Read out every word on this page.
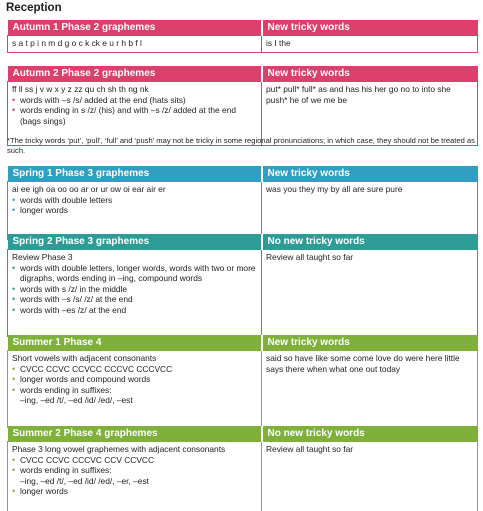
Reception
Autumn 1 Phase 2 graphemes	New tricky words

s a t p i n m d g o c k ck e u r h b f l	is I the
Autumn 2 Phase 2 graphemes	New tricky words

ff ll ss j v w x y z zz qu ch sh th ng nk
• words with –s /s/ added at the end (hats sits)
• words ending in s /z/ (his) and with –s /z/ added at the end (bags sings)	put* pull* full* as and has his her go no to into she push* he of we me be
*The tricky words ‘put’, ‘pull’, ‘full’ and ‘push’ may not be tricky in some regional pronunciations; in which case, they should not be treated as such.
Spring 1 Phase 3 graphemes	New tricky words

ai ee igh oa oo oo ar or ur ow oi ear air er
• words with double letters
• longer words	was you they my by all are sure pure
Spring 2 Phase 3 graphemes	No new tricky words

Review Phase 3
• words with double letters, longer words, words with two or more digraphs, words ending in –ing, compound words
• words with s /z/ in the middle
• words with –s /s/ /z/ at the end
• words with –es /z/ at the end	Review all taught so far
Summer 1 Phase 4	New tricky words

Short vowels with adjacent consonants
• CVCC CCVC CCVCC CCCVC CCCVCC
• longer words and compound words
• words ending in suffixes:
–ing, –ed /t/, –ed /id/ /ed/, –est	said so have like some come love do were here little says there when what one out today
Summer 2 Phase 4 graphemes	No new tricky words

Phase 3 long vowel graphemes with adjacent consonants
• CVCC CCVC CCCVC CCV CCVCC
• words ending in suffixes:
–ing, –ed /t/, –ed /id/ /ed/, –er, –est
• longer words	Review all taught so far
